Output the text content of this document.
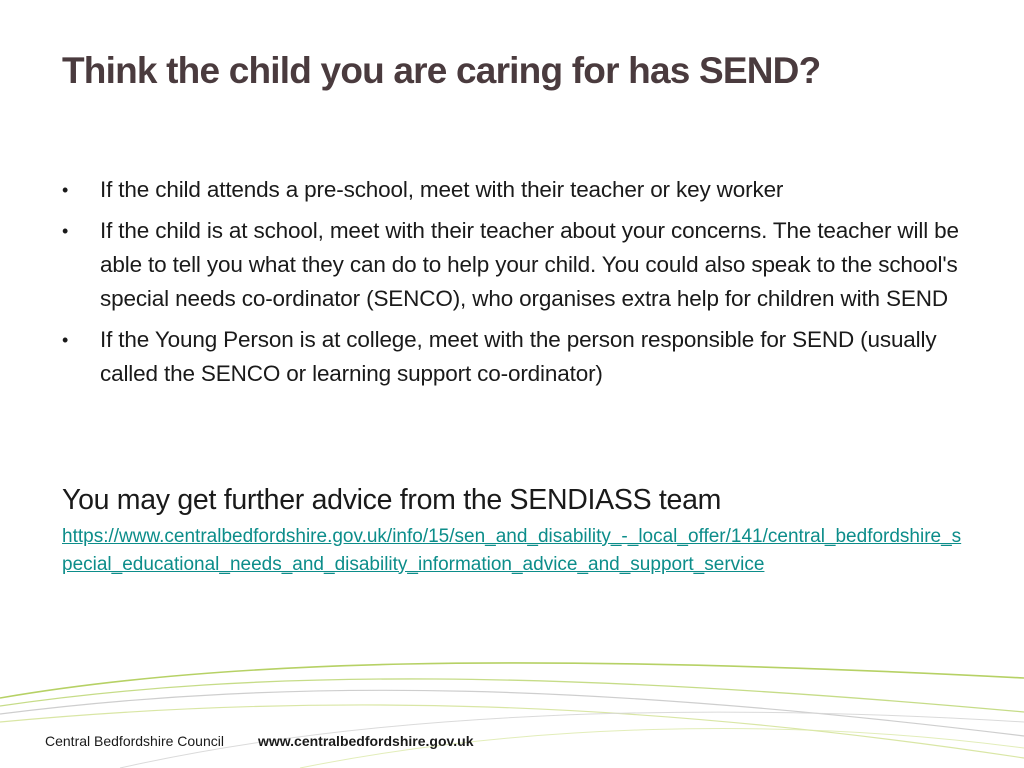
Think the child you are caring for has SEND?
•	If the child attends a pre-school, meet with their teacher or key worker
•	If the child is at school, meet with their teacher about your concerns. The teacher will be able to tell you what they can do to help your child. You could also speak to the school's special needs co-ordinator (SENCO), who organises extra help for children with SEND
•	If the Young Person is at college, meet with the person responsible for SEND (usually called the SENCO or learning support co-ordinator)

You may get further advice from the SENDIASS team

https://www.centralbedfordshire.gov.uk/info/15/sen_and_disability_-_local_offer/141/central_bedfordshire_special_educational_needs_and_disability_information_advice_and_support_service
Central Bedfordshire Council www.centralbedfordshire.gov.uk
